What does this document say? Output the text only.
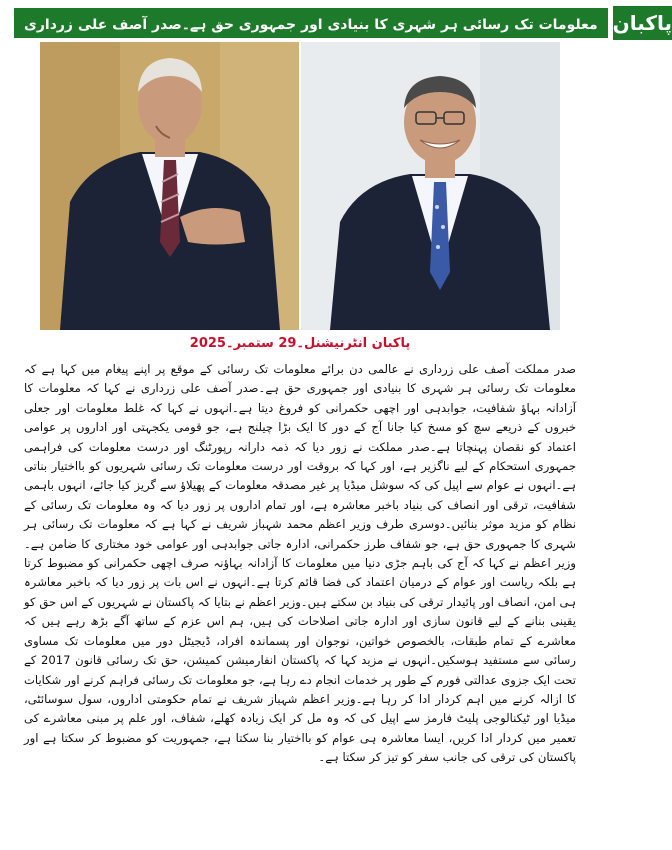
معلومات تک رسائی ہر شہری کا بنیادی اور جمہوری حق ہے۔صدر آصف علی زرداری پاکبان
پاکبان انٹرنیشنل۔29 ستمبر۔2025
صدر مملکت آصف علی زرداری نے عالمی دن برائے معلومات تک رسائی کے موقع پر اپنے پیغام میں کہا ہے کہ معلومات تک رسائی ہر شہری کا بنیادی اور جمہوری حق ہے۔صدر آصف علی زرداری نے کہا کہ معلومات کا آزادانہ بہاؤ شفافیت، جوابدہی اور اچھی حکمرانی کو فروغ دیتا ہے۔انہوں نے کہا کہ غلط معلومات اور جعلی خبروں کے ذریعے سچ کو مسخ کیا جانا آج کے دور کا ایک بڑا چیلنج ہے، جو قومی یکجہتی اور اداروں پر عوامی اعتماد کو نقصان پہنچاتا ہے۔صدر مملکت نے زور دیا کہ ذمہ دارانہ رپورٹنگ اور درست معلومات کی فراہمی جمہوری استحکام کے لیے ناگزیر ہے، اور کہا کہ بروقت اور درست معلومات تک رسائی شہریوں کو بااختیار بناتی ہے۔انہوں نے عوام سے اپیل کی کہ سوشل میڈیا پر غیر مصدقہ معلومات کے پھیلاؤ سے گریز کیا جائے، انہوں باہمی شفافیت، ترقی اور انصاف کی بنیاد باخبر معاشرہ ہے، اور تمام اداروں پر زور دیا کہ وہ معلومات تک رسائی کے نظام کو مزید موثر بنائیں۔دوسری طرف وزیر اعظم محمد شہباز شریف نے کہا ہے کہ معلومات تک رسائی ہر شہری کا جمہوری حق ہے، جو شفاف طرز حکمرانی، ادارہ جاتی جوابدہی اور عوامی خود مختاری کا ضامن ہے۔وزیر اعظم نے کہا کہ آج کی باہم جڑی دنیا میں معلومات کا آزادانہ بہاؤنہ صرف اچھی حکمرانی کو مضبوط کرتا ہے بلکہ ریاست اور عوام کے درمیان اعتماد کی فضا قائم کرتا ہے۔انہوں نے اس بات پر زور دیا کہ باخبر معاشرہ ہی امن، انصاف اور پائیدار ترقی کی بنیاد بن سکتے ہیں۔وزیر اعظم نے بتایا کہ پاکستان نے شہریوں کے اس حق کو یقینی بنانے کے لیے قانون سازی اور ادارہ جاتی اصلاحات کی ہیں، ہم اس عزم کے ساتھ آگے بڑھ رہے ہیں کہ معاشرے کے تمام طبقات، بالخصوص خواتین، نوجوان اور پسماندہ افراد، ڈیجیٹل دور میں معلومات تک مساوی رسائی سے مستفید ہوسکیں۔انہوں نے مزید کہا کہ پاکستان انفارمیشن کمیشن، حق تک رسائی قانون 2017 کے تحت ایک جزوی عدالتی فورم کے طور پر خدمات انجام دے رہا ہے، جو معلومات تک رسائی فراہم کرنے اور شکایات کا ازالہ کرنے میں اہم کردار ادا کر رہا ہے۔وزیر اعظم شہباز شریف نے تمام حکومتی اداروں، سول سوسائٹی، میڈیا اور ٹیکنالوجی پلیٹ فارمز سے اپیل کی کہ وہ مل کر ایک زیادہ کھلے، شفاف، اور علم پر مبنی معاشرے کی تعمیر میں کردار ادا کریں، ایسا معاشرہ ہی عوام کو بااختیار بنا سکتا ہے، جمہوریت کو مضبوط کر سکتا ہے اور پاکستان کی ترقی کی جانب سفر کو تیز کر سکتا ہے۔
